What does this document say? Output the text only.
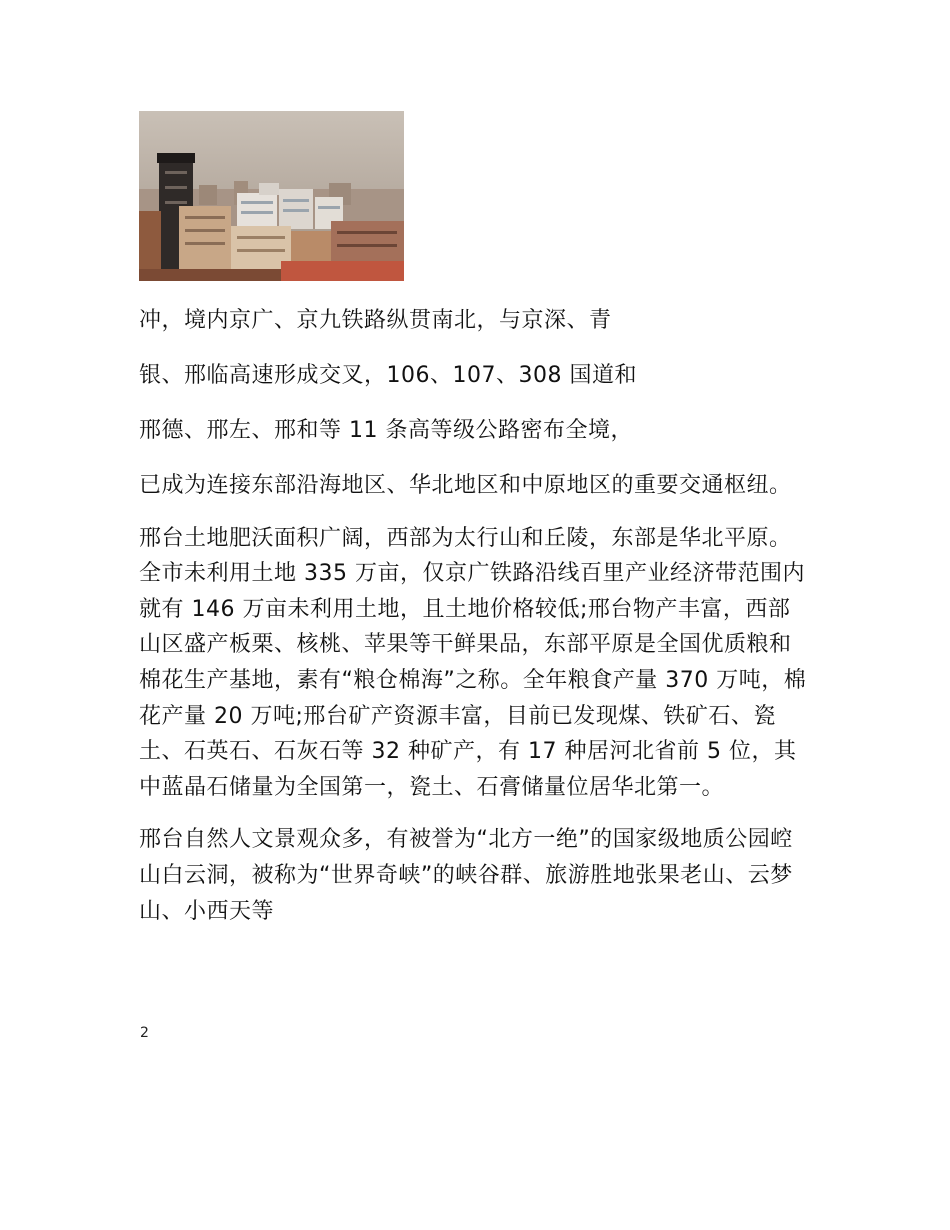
冲，境内京广、京九铁路纵贯南北，与京深、青

银、邢临高速形成交叉，106、107、308 国道和

邢德、邢左、邢和等 11 条高等级公路密布全境，

已成为连接东部沿海地区、华北地区和中原地区的重要交通枢纽。

邢台土地肥沃面积广阔，西部为太行山和丘陵，东部是华北平原。全市未利用土地 335 万亩，仅京广铁路沿线百里产业经济带范围内就有 146 万亩未利用土地，且土地价格较低;邢台物产丰富，西部山区盛产板栗、核桃、苹果等干鲜果品，东部平原是全国优质粮和棉花生产基地，素有“粮仓棉海”之称。全年粮食产量 370 万吨，棉花产量 20 万吨;邢台矿产资源丰富，目前已发现煤、铁矿石、瓷土、石英石、石灰石等 32 种矿产，有 17 种居河北省前 5 位，其中蓝晶石储量为全国第一，瓷土、石膏储量位居华北第一。

邢台自然人文景观众多，有被誉为“北方一绝”的国家级地质公园崆山白云洞，被称为“世界奇峡”的峡谷群、旅游胜地张果老山、云梦山、小西天等

2
